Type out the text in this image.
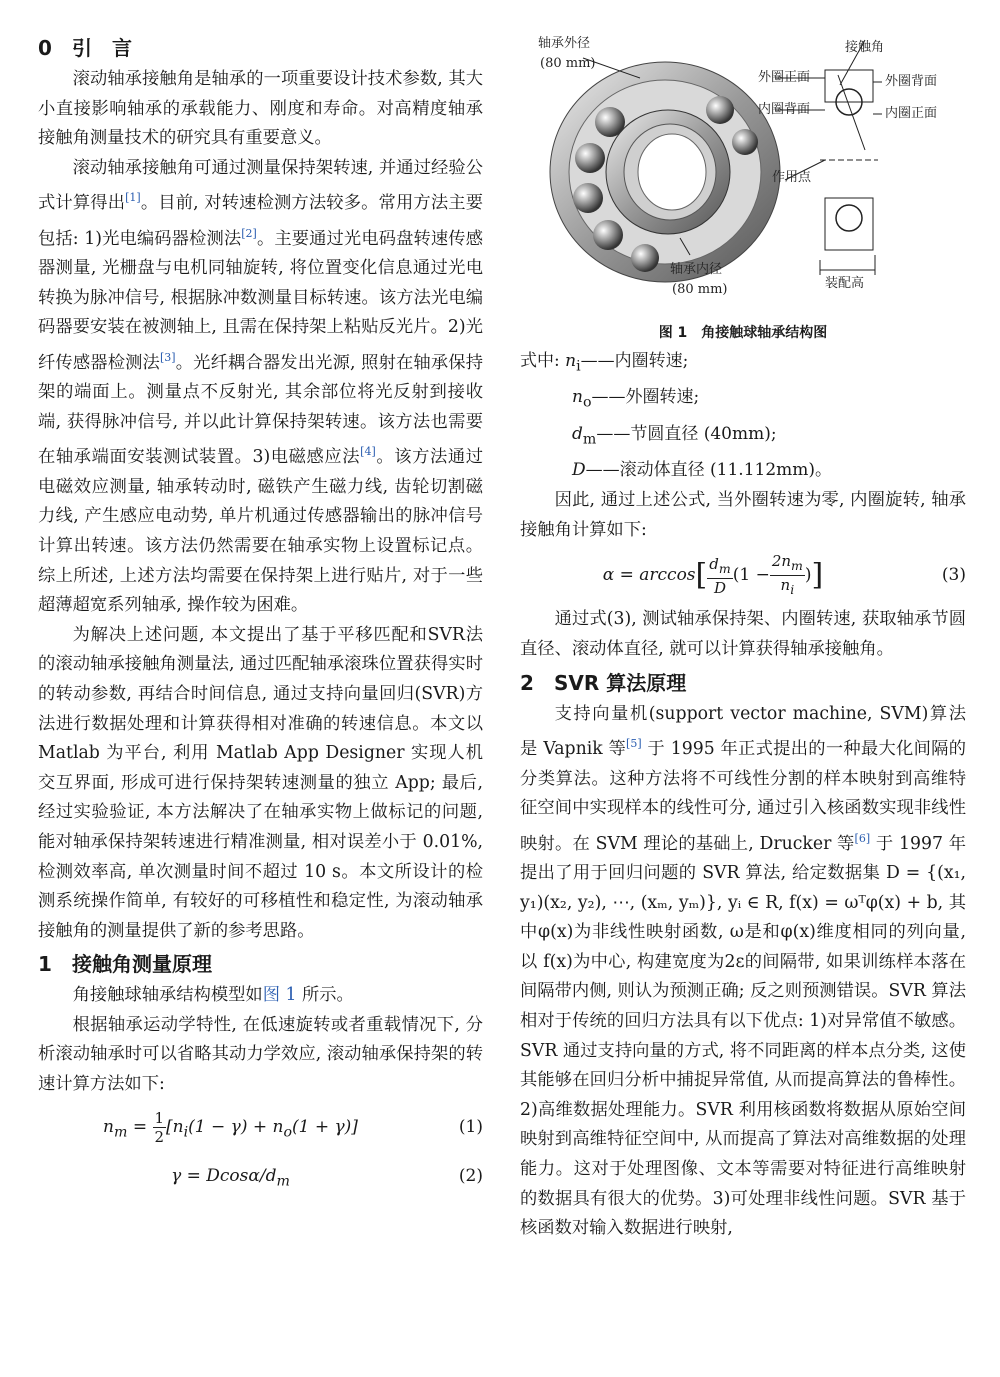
0 引　言

滚动轴承接触角是轴承的一项重要设计技术参数, 其大小直接影响轴承的承载能力、刚度和寿命。对高精度轴承接触角测量技术的研究具有重要意义。

滚动轴承接触角可通过测量保持架转速, 并通过经验公式计算得出[1]。目前, 对转速检测方法较多。常用方法主要包括: 1)光电编码器检测法[2]。主要通过光电码盘转速传感器测量, 光栅盘与电机同轴旋转, 将位置变化信息通过光电转换为脉冲信号, 根据脉冲数测量目标转速。该方法光电编码器要安装在被测轴上, 且需在保持架上粘贴反光片。2)光纤传感器检测法[3]。光纤耦合器发出光源, 照射在轴承保持架的端面上。测量点不反射光, 其余部位将光反射到接收端, 获得脉冲信号, 并以此计算保持架转速。该方法也需要在轴承端面安装测试装置。3)电磁感应法[4]。该方法通过电磁效应测量, 轴承转动时, 磁铁产生磁力线, 齿轮切割磁力线, 产生感应电动势, 单片机通过传感器输出的脉冲信号计算出转速。该方法仍然需要在轴承实物上设置标记点。综上所述, 上述方法均需要在保持架上进行贴片, 对于一些超薄超宽系列轴承, 操作较为困难。

为解决上述问题, 本文提出了基于平移匹配和SVR法的滚动轴承接触角测量法, 通过匹配轴承滚珠位置获得实时的转动参数, 再结合时间信息, 通过支持向量回归(SVR)方法进行数据处理和计算获得相对准确的转速信息。本文以 Matlab 为平台, 利用 Matlab App Designer 实现人机交互界面, 形成可进行保持架转速测量的独立 App; 最后, 经过实验验证, 本方法解决了在轴承实物上做标记的问题, 能对轴承保持架转速进行精准测量, 相对误差小于 0.01%, 检测效率高, 单次测量时间不超过 10 s。本文所设计的检测系统操作简单, 有较好的可移植性和稳定性, 为滚动轴承接触角的测量提供了新的参考思路。

1 接触角测量原理

角接触球轴承结构模型如图 1 所示。

根据轴承运动学特性, 在低速旋转或者重载情况下, 分析滚动轴承时可以省略其动力学效应, 滚动轴承保持架的转速计算方法如下:

$n_m = \frac{1}{2} [n_i(1 - \gamma) + n_o(1 + \gamma)]$	(1)
γ = Dcosα/$d_m$	(2)
轴承外径
(80 mm)
轴承内径
(80 mm)
接触角
外圈正面	外圈背面
内圈背面	内圈正面
作用点
装配高
图 1　角接触球轴承结构图
式中: $n_i——$内圈转速;
$n_o——$外圈转速;
$d_m——$节圆直径 (40mm);
D——滚动体直径 (11.112mm)。

因此, 通过上述公式, 当外圈转速为零, 内圈旋转, 轴承接触角计算如下:

$\alpha = \arccos[ \frac{d_m}{D} (1 - \frac{2n_m}{n_i}$ )]	(3)

通过式(3), 测试轴承保持架、内圈转速, 获取轴承节圆直径、滚动体直径, 就可以计算获得轴承接触角。

2 SVR 算法原理

支持向量机(support vector machine, SVM)算法是 Vapnik 等[5] 于 1995 年正式提出的一种最大化间隔的分类算法。这种方法将不可线性分割的样本映射到高维特征空间中实现样本的线性可分, 通过引入核函数实现非线性映射。在 SVM 理论的基础上, Drucker 等[6] 于 1997 年提出了用于回归问题的 SVR 算法, 给定数据集 D = {(x₁, y₁)(x₂, y₂), ⋯, (xₘ, yₘ)}, yᵢ ∈ R, f(x) = ωᵀφ(x) + b, 其中φ(x)为非线性映射函数, ω是和φ(x)维度相同的列向量, 以 f(x)为中心, 构建宽度为2ε的间隔带, 如果训练样本落在间隔带内侧, 则认为预测正确; 反之则预测错误。SVR 算法相对于传统的回归方法具有以下优点: 1)对异常值不敏感。SVR 通过支持向量的方式, 将不同距离的样本点分类, 这使其能够在回归分析中捕捉异常值, 从而提高算法的鲁棒性。2)高维数据处理能力。SVR 利用核函数将数据从原始空间映射到高维特征空间中, 从而提高了算法对高维数据的处理能力。这对于处理图像、文本等需要对特征进行高维映射的数据具有很大的优势。3)可处理非线性问题。SVR 基于核函数对输入数据进行映射,
